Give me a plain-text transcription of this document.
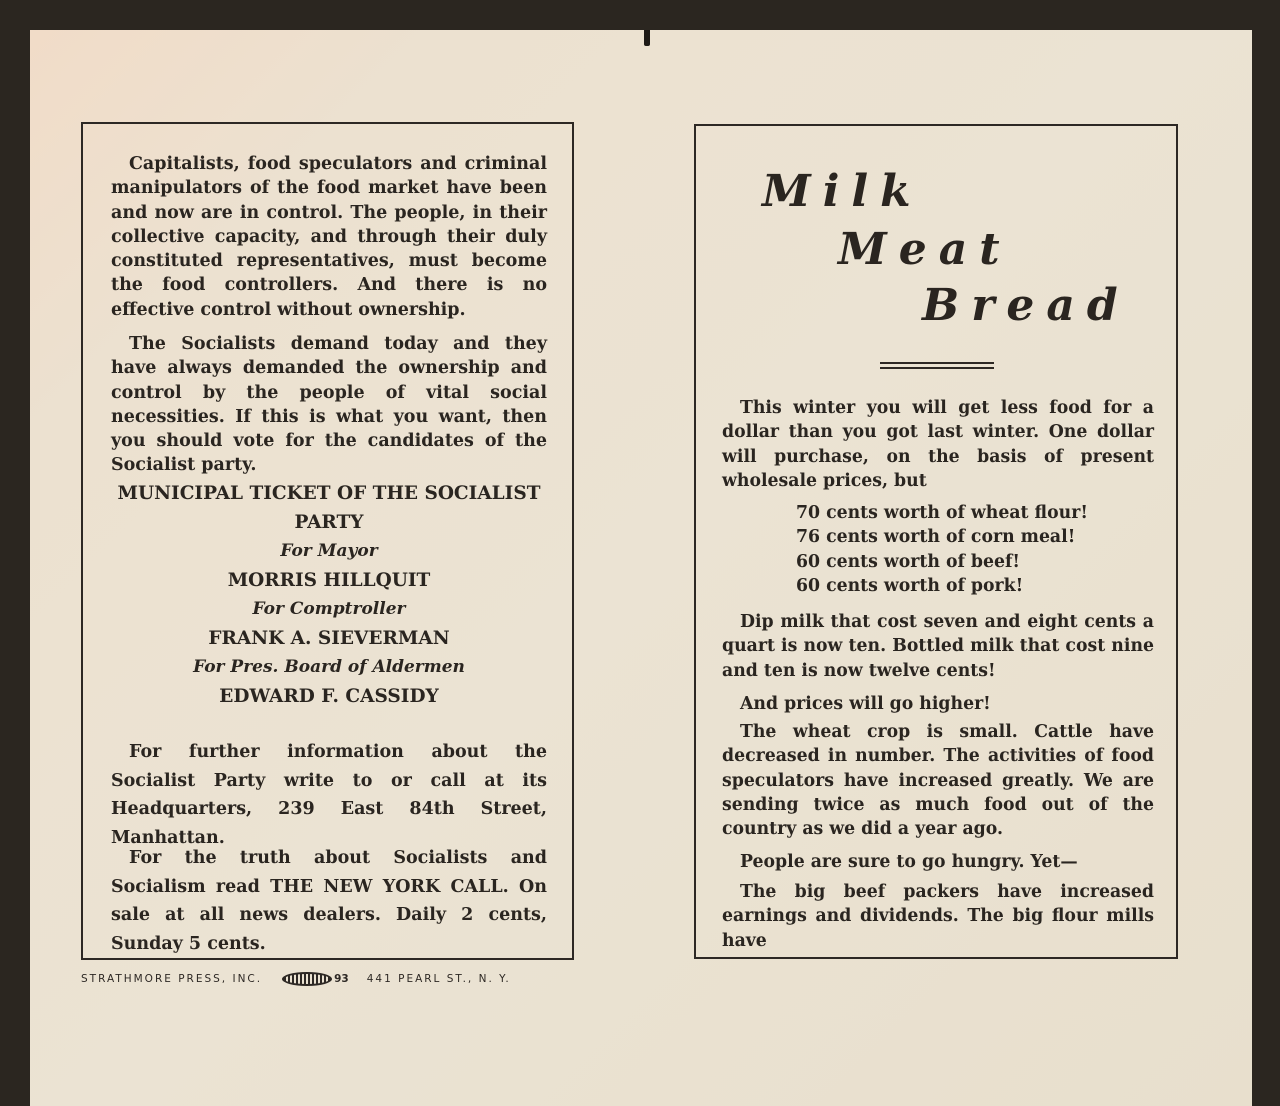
Capitalists, food speculators and criminal manipulators of the food market have been and now are in control. The people, in their collective capacity, and through their duly constituted representatives, must become the food controllers. And there is no effective control without ownership.

The Socialists demand today and they have always demanded the ownership and control by the people of vital social necessities. If this is what you want, then you should vote for the candidates of the Socialist party.

MUNICIPAL TICKET OF THE SOCIALIST PARTY
For Mayor
MORRIS HILLQUIT
For Comptroller
FRANK A. SIEVERMAN
For Pres. Board of Aldermen
EDWARD F. CASSIDY

For further information about the Socialist Party write to or call at its Headquarters, 239 East 84th Street, Manhattan.

For the truth about Socialists and Socialism read THE NEW YORK CALL. On sale at all news dealers. Daily 2 cents, Sunday 5 cents.

STRATHMORE PRESS, INC.	93 441 PEARL ST., N. Y.
Milk
Meat
Bread

This winter you will get less food for a dollar than you got last winter. One dollar will purchase, on the basis of present wholesale prices, but

70 cents worth of wheat flour!
76 cents worth of corn meal!
60 cents worth of beef!
60 cents worth of pork!

Dip milk that cost seven and eight cents a quart is now ten. Bottled milk that cost nine and ten is now twelve cents!

And prices will go higher!

The wheat crop is small. Cattle have decreased in number. The activities of food speculators have increased greatly. We are sending twice as much food out of the country as we did a year ago.

People are sure to go hungry. Yet—

The big beef packers have increased earnings and dividends. The big flour mills have
